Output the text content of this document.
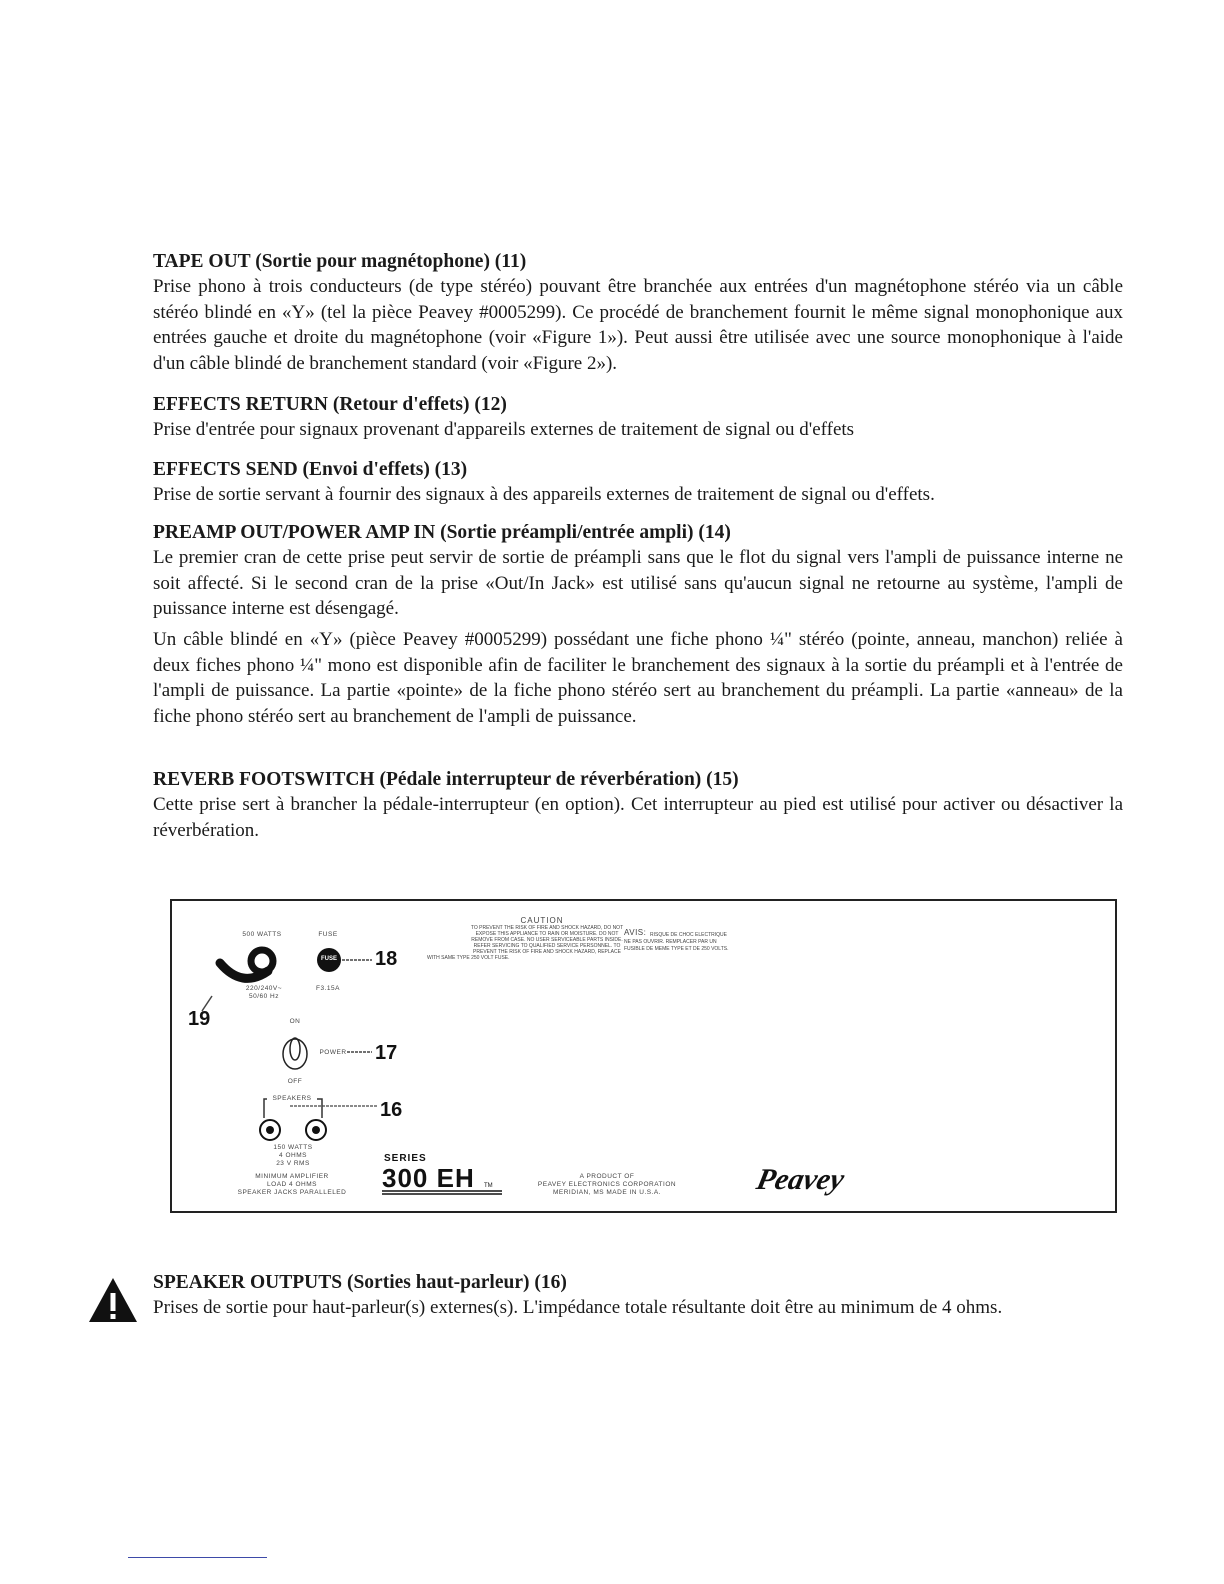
TAPE OUT (Sortie pour magnétophone) (11)

Prise phono à trois conducteurs (de type stéréo) pouvant être branchée aux entrées d'un magnétophone stéréo via un câble stéréo blindé en «Y» (tel la pièce Peavey #0005299). Ce procédé de branchement fournit le même signal monophonique aux entrées gauche et droite du magnétophone (voir «Figure 1»). Peut aussi être utilisée avec une source monophonique à l'aide d'un câble blindé de branchement standard (voir «Figure 2»).

EFFECTS RETURN (Retour d'effets) (12)

Prise d'entrée pour signaux provenant d'appareils externes de traitement de signal ou d'effets

EFFECTS SEND (Envoi d'effets) (13)

Prise de sortie servant à fournir des signaux à des appareils externes de traitement de signal ou d'effets.

PREAMP OUT/POWER AMP IN (Sortie préampli/entrée ampli) (14)

Le premier cran de cette prise peut servir de sortie de préampli sans que le flot du signal vers l'ampli de puissance interne ne soit affecté. Si le second cran de la prise «Out/In Jack» est utilisé sans qu'aucun signal ne retourne au système, l'ampli de puissance interne est désengagé.

Un câble blindé en «Y» (pièce Peavey #0005299) possédant une fiche phono ¼" stéréo (pointe, anneau, manchon) reliée à deux fiches phono ¼" mono est disponible afin de faciliter le branchement des signaux à la sortie du préampli et à l'entrée de l'ampli de puissance. La partie «pointe» de la fiche phono stéréo sert au branchement du préampli. La partie «anneau» de la fiche phono stéréo sert au branchement de l'ampli de puissance.

REVERB FOOTSWITCH (Pédale interrupteur de réverbération) (15)

Cette prise sert à brancher la pédale-interrupteur (en option). Cet interrupteur au pied est utilisé pour activer ou désactiver la réverbération.

500 WATTS	FUSE
FUSE
220/240V~
50/60 Hz
F3.15A
ON
POWER
OFF
SPEAKERS
150 WATTS
4 OHMS
23 V RMS
MINIMUM AMPLIFIER
LOAD 4 OHMS
SPEAKER JACKS PARALLELED
CAUTION
TO PREVENT THE RISK OF FIRE AND SHOCK HAZARD, DO NOT
EXPOSE THIS APPLIANCE TO RAIN OR MOISTURE. DO NOT
REMOVE FROM CASE. NO USER SERVICEABLE PARTS INSIDE.
REFER SERVICING TO QUALIFIED SERVICE PERSONNEL. TO
PREVENT THE RISK OF FIRE AND SHOCK HAZARD, REPLACE
WITH SAME TYPE 250 VOLT FUSE.
AVIS: RISQUE DE CHOC ELECTRIQUE
NE PAS OUVRIR. REMPLACER PAR UN
FUSIBLE DE MEME TYPE ET DE 250 VOLTS.
SERIES
300 EH TM
A PRODUCT OF
PEAVEY ELECTRONICS CORPORATION
MERIDIAN, MS MADE IN U.S.A.	Peavey
18
17
16
19

SPEAKER OUTPUTS (Sorties haut-parleur) (16)

Prises de sortie pour haut-parleur(s) externes(s). L'impédance totale résultante doit être au minimum de 4 ohms.
